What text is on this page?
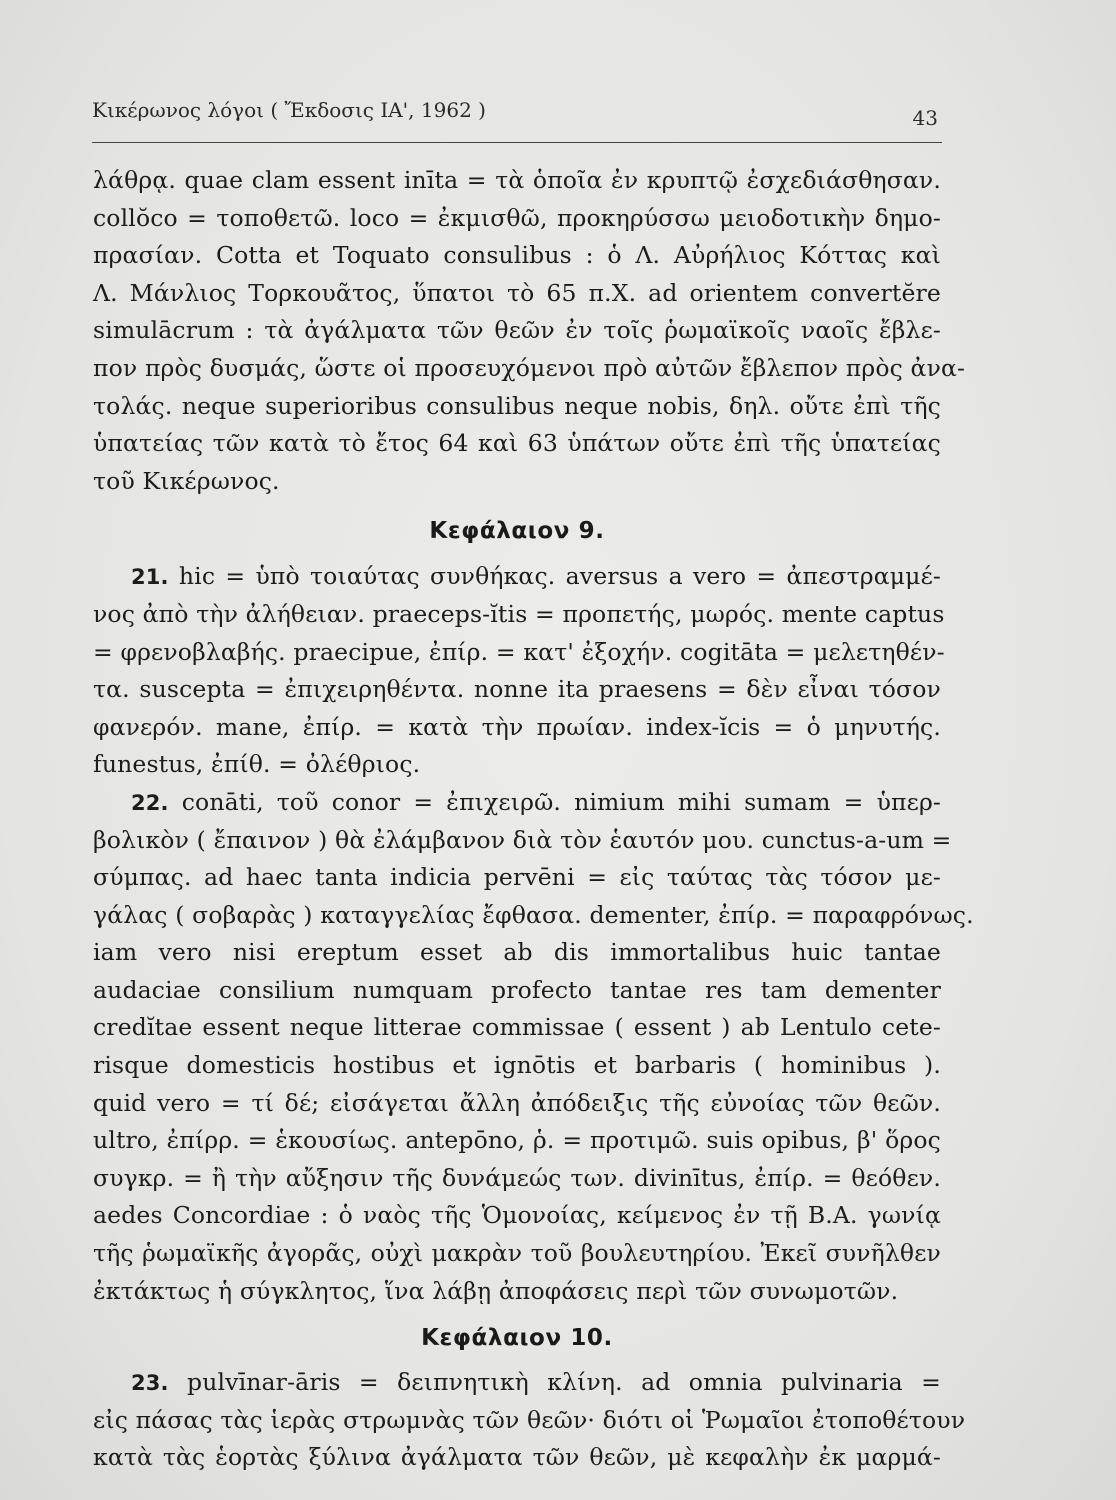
Κικέρωνος λόγοι ( Ἔκδοσις ΙΑ', 1962 )	43
λάθρᾳ. quae clam essent inīta = τὰ ὁποῖα ἐν κρυπτῷ ἐσχεδιάσθησαν.
collŏco = τοποθετῶ. loco = ἐκμισθῶ, προκηρύσσω μειοδοτικὴν δημο-
πρασίαν. Cotta et Toquato consulibus : ὁ Λ. Αὐρήλιος Κόττας καὶ
Λ. Μάνλιος Τορκουᾶτος, ὕπατοι τὸ 65 π.Χ. ad orientem convertĕre
simulācrum : τὰ ἀγάλματα τῶν θεῶν ἐν τοῖς ῥωμαϊκοῖς ναοῖς ἔβλε-
πον πρὸς δυσμάς, ὥστε οἱ προσευχόμενοι πρὸ αὐτῶν ἔβλεπον πρὸς ἀνα-
τολάς. neque superioribus consulibus neque nobis, δηλ. οὔτε ἐπὶ τῆς
ὑπατείας τῶν κατὰ τὸ ἔτος 64 καὶ 63 ὑπάτων οὔτε ἐπὶ τῆς ὑπατείας
τοῦ Κικέρωνος.
Κεφάλαιον 9.
21. hic = ὑπὸ τοιαύτας συνθήκας. aversus a vero = ἀπεστραμμέ-
νος ἀπὸ τὴν ἀλήθειαν. praeceps-ĭtis = προπετής, μωρός. mente captus
= φρενοβλαβής. praecipue, ἐπίρ. = κατ' ἐξοχήν. cogitāta = μελετηθέν-
τα. suscepta = ἐπιχειρηθέντα. nonne ita praesens = δὲν εἶναι τόσον
φανερόν. mane, ἐπίρ. = κατὰ τὴν πρωίαν. index-ĭcis = ὁ μηνυτής.
funestus, ἐπίθ. = ὀλέθριος.
22. conāti, τοῦ conor = ἐπιχειρῶ. nimium mihi sumam = ὑπερ-
βολικὸν ( ἔπαινον ) θὰ ἐλάμβανον διὰ τὸν ἑαυτόν μου. cunctus-a-um =
σύμπας. ad haec tanta indicia pervēni = εἰς ταύτας τὰς τόσον με-
γάλας ( σοβαρὰς ) καταγγελίας ἔφθασα. dementer, ἐπίρ. = παραφρόνως.
iam vero nisi ereptum esset ab dis immortalibus huic tantae
audaciae consilium numquam profecto tantae res tam dementer
credĭtae essent neque litterae commissae ( essent ) ab Lentulo cete-
risque domesticis hostibus et ignōtis et barbaris ( hominibus ).
quid vero = τί δέ; εἰσάγεται ἄλλη ἀπόδειξις τῆς εὐνοίας τῶν θεῶν.
ultro, ἐπίρρ. = ἑκουσίως. antepōno, ῥ. = προτιμῶ. suis opibus, β' ὅρος
συγκρ. = ἢ τὴν αὔξησιν τῆς δυνάμεώς των. divinītus, ἐπίρ. = θεόθεν.
aedes Concordiae : ὁ ναὸς τῆς Ὁμονοίας, κείμενος ἐν τῇ Β.Α. γωνίᾳ
τῆς ῥωμαϊκῆς ἀγορᾶς, οὐχὶ μακρὰν τοῦ βουλευτηρίου. Ἐκεῖ συνῆλθεν
ἐκτάκτως ἡ σύγκλητος, ἵνα λάβῃ ἀποφάσεις περὶ τῶν συνωμοτῶν.
Κεφάλαιον 10.
23. pulvīnar-āris = δειπνητικὴ κλίνη. ad omnia pulvinaria =
εἰς πάσας τὰς ἱερὰς στρωμνὰς τῶν θεῶν· διότι οἱ Ῥωμαῖοι ἐτοποθέτουν
κατὰ τὰς ἑορτὰς ξύλινα ἀγάλματα τῶν θεῶν, μὲ κεφαλὴν ἐκ μαρμά-
